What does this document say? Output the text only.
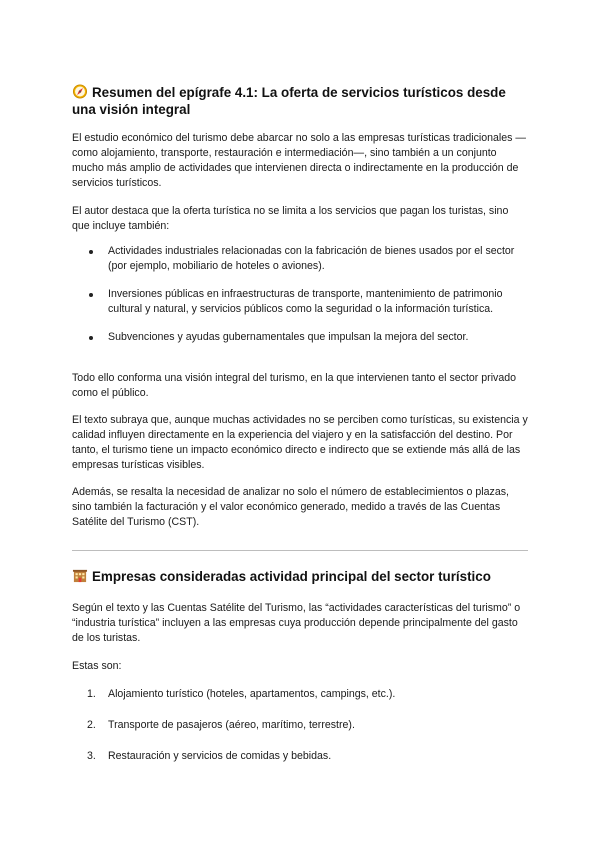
Resumen del epígrafe 4.1: La oferta de servicios turísticos desde una visión integral

El estudio económico del turismo debe abarcar no solo a las empresas turísticas tradicionales —como alojamiento, transporte, restauración e intermediación—, sino también a un conjunto mucho más amplio de actividades que intervienen directa o indirectamente en la producción de servicios turísticos.

El autor destaca que la oferta turística no se limita a los servicios que pagan los turistas, sino que incluye también:

Actividades industriales relacionadas con la fabricación de bienes usados por el sector (por ejemplo, mobiliario de hoteles o aviones).
Inversiones públicas en infraestructuras de transporte, mantenimiento de patrimonio cultural y natural, y servicios públicos como la seguridad o la información turística.
Subvenciones y ayudas gubernamentales que impulsan la mejora del sector.

Todo ello conforma una visión integral del turismo, en la que intervienen tanto el sector privado como el público.

El texto subraya que, aunque muchas actividades no se perciben como turísticas, su existencia y calidad influyen directamente en la experiencia del viajero y en la satisfacción del destino. Por tanto, el turismo tiene un impacto económico directo e indirecto que se extiende más allá de las empresas turísticas visibles.

Además, se resalta la necesidad de analizar no solo el número de establecimientos o plazas, sino también la facturación y el valor económico generado, medido a través de las Cuentas Satélite del Turismo (CST).

Empresas consideradas actividad principal del sector turístico

Según el texto y las Cuentas Satélite del Turismo, las “actividades características del turismo” o “industria turística” incluyen a las empresas cuya producción depende principalmente del gasto de los turistas.

Estas son:

1. Alojamiento turístico (hoteles, apartamentos, campings, etc.).
2. Transporte de pasajeros (aéreo, marítimo, terrestre).
3. Restauración y servicios de comidas y bebidas.
